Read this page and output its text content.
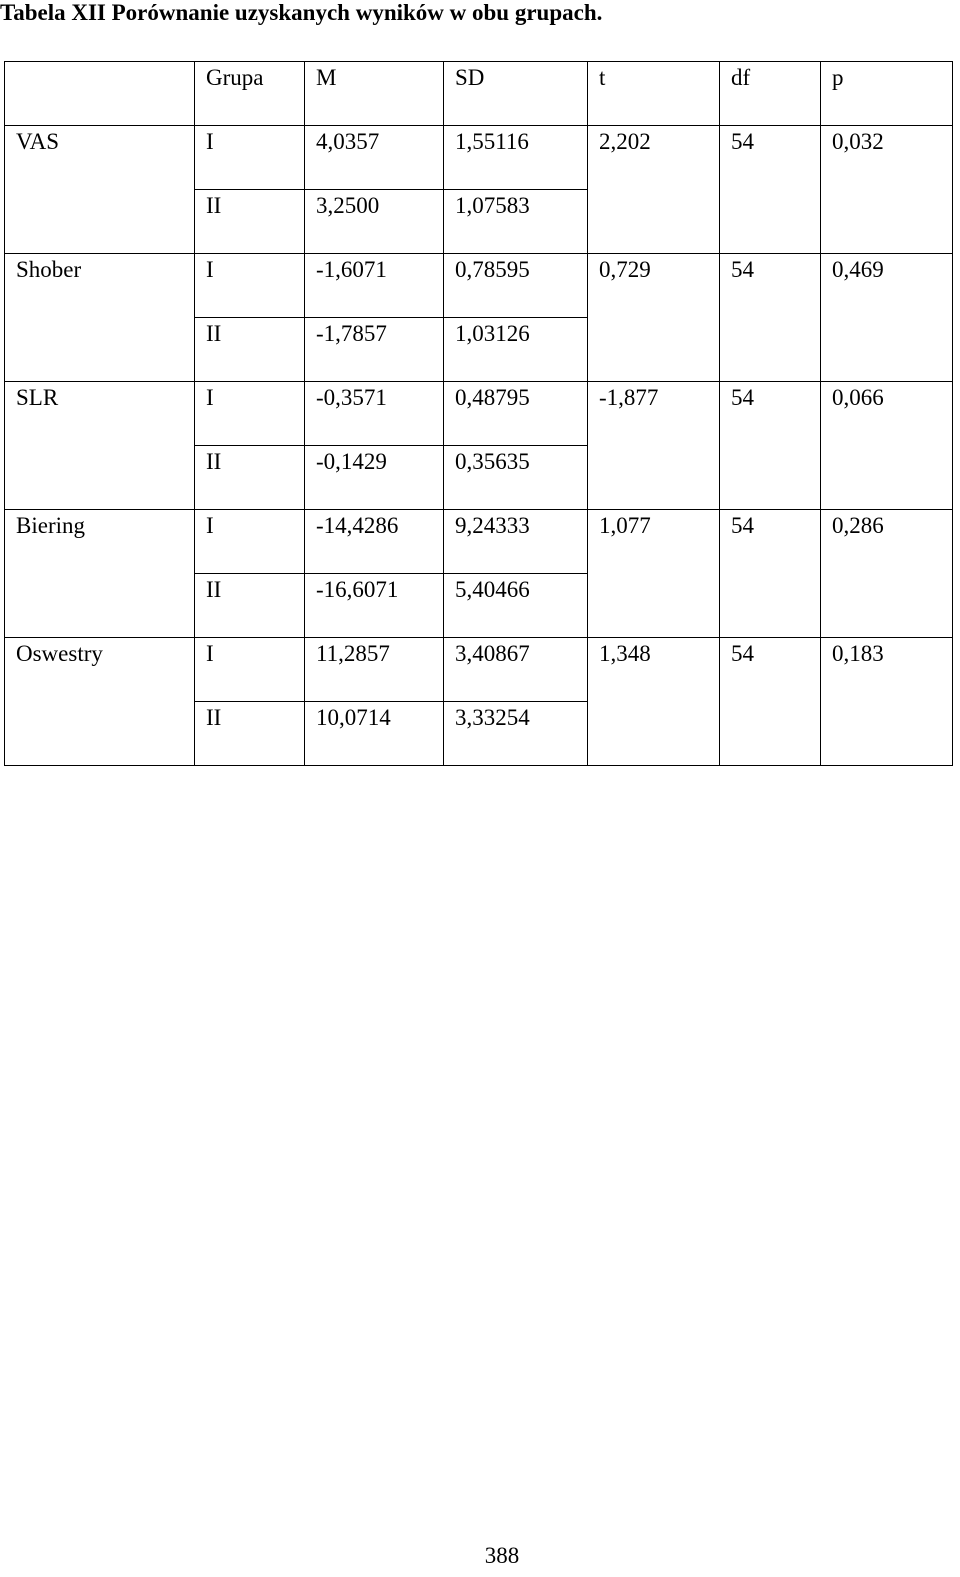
Tabela XII Porównanie uzyskanych wyników w obu grupach.

	Grupa	M	SD	t	df	p

VAS	I	4,0357	1,55116	2,202	54	0,032

	II	3,2500	1,07583			

Shober	I	-1,6071	0,78595	0,729	54	0,469

	II	-1,7857	1,03126			

SLR	I	-0,3571	0,48795	-1,877	54	0,066

	II	-0,1429	0,35635			

Biering	I	-14,4286	9,24333	1,077	54	0,286

	II	-16,6071	5,40466			

Oswestry	I	11,2857	3,40867	1,348	54	0,183

	II	10,0714	3,33254			
388
